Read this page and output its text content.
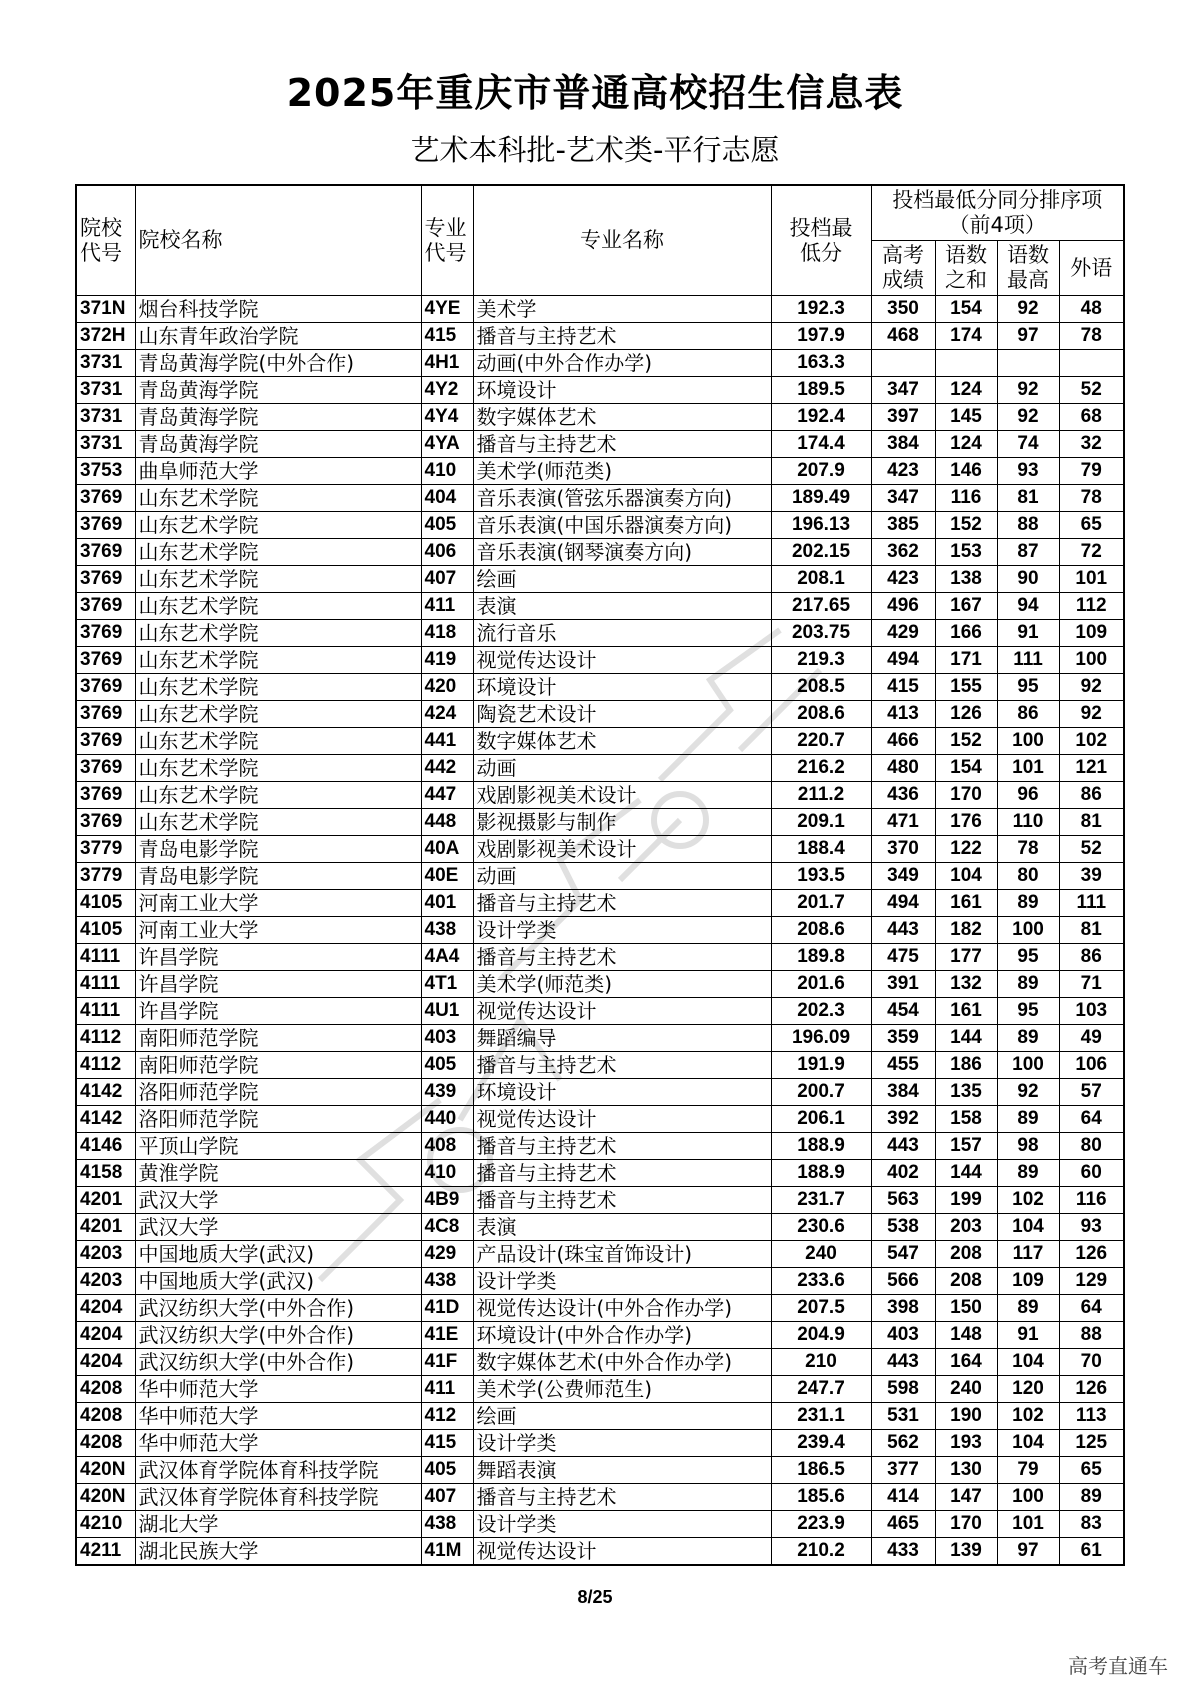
2025年重庆市普通高校招生信息表
艺术本科批-艺术类-平行志愿
院校代号	院校名称	专业代号	专业名称	投档最低分	投档最低分同分排序项（前4项）			
					高考成绩	语数之和	语数最高	外语
371N	烟台科技学院	4YE	美术学	192.3	350	154	92	48
372H	山东青年政治学院	415	播音与主持艺术	197.9	468	174	97	78
3731	青岛黄海学院(中外合作)	4H1	动画(中外合作办学)	163.3				
3731	青岛黄海学院	4Y2	环境设计	189.5	347	124	92	52
3731	青岛黄海学院	4Y4	数字媒体艺术	192.4	397	145	92	68
3731	青岛黄海学院	4YA	播音与主持艺术	174.4	384	124	74	32
3753	曲阜师范大学	410	美术学(师范类)	207.9	423	146	93	79
3769	山东艺术学院	404	音乐表演(管弦乐器演奏方向)	189.49	347	116	81	78
3769	山东艺术学院	405	音乐表演(中国乐器演奏方向)	196.13	385	152	88	65
3769	山东艺术学院	406	音乐表演(钢琴演奏方向)	202.15	362	153	87	72
3769	山东艺术学院	407	绘画	208.1	423	138	90	101
3769	山东艺术学院	411	表演	217.65	496	167	94	112
3769	山东艺术学院	418	流行音乐	203.75	429	166	91	109
3769	山东艺术学院	419	视觉传达设计	219.3	494	171	111	100
3769	山东艺术学院	420	环境设计	208.5	415	155	95	92
3769	山东艺术学院	424	陶瓷艺术设计	208.6	413	126	86	92
3769	山东艺术学院	441	数字媒体艺术	220.7	466	152	100	102
3769	山东艺术学院	442	动画	216.2	480	154	101	121
3769	山东艺术学院	447	戏剧影视美术设计	211.2	436	170	96	86
3769	山东艺术学院	448	影视摄影与制作	209.1	471	176	110	81
3779	青岛电影学院	40A	戏剧影视美术设计	188.4	370	122	78	52
3779	青岛电影学院	40E	动画	193.5	349	104	80	39
4105	河南工业大学	401	播音与主持艺术	201.7	494	161	89	111
4105	河南工业大学	438	设计学类	208.6	443	182	100	81
4111	许昌学院	4A4	播音与主持艺术	189.8	475	177	95	86
4111	许昌学院	4T1	美术学(师范类)	201.6	391	132	89	71
4111	许昌学院	4U1	视觉传达设计	202.3	454	161	95	103
4112	南阳师范学院	403	舞蹈编导	196.09	359	144	89	49
4112	南阳师范学院	405	播音与主持艺术	191.9	455	186	100	106
4142	洛阳师范学院	439	环境设计	200.7	384	135	92	57
4142	洛阳师范学院	440	视觉传达设计	206.1	392	158	89	64
4146	平顶山学院	408	播音与主持艺术	188.9	443	157	98	80
4158	黄淮学院	410	播音与主持艺术	188.9	402	144	89	60
4201	武汉大学	4B9	播音与主持艺术	231.7	563	199	102	116
4201	武汉大学	4C8	表演	230.6	538	203	104	93
4203	中国地质大学(武汉)	429	产品设计(珠宝首饰设计)	240	547	208	117	126
4203	中国地质大学(武汉)	438	设计学类	233.6	566	208	109	129
4204	武汉纺织大学(中外合作)	41D	视觉传达设计(中外合作办学)	207.5	398	150	89	64
4204	武汉纺织大学(中外合作)	41E	环境设计(中外合作办学)	204.9	403	148	91	88
4204	武汉纺织大学(中外合作)	41F	数字媒体艺术(中外合作办学)	210	443	164	104	70
4208	华中师范大学	411	美术学(公费师范生)	247.7	598	240	120	126
4208	华中师范大学	412	绘画	231.1	531	190	102	113
4208	华中师范大学	415	设计学类	239.4	562	193	104	125
420N	武汉体育学院体育科技学院	405	舞蹈表演	186.5	377	130	79	65
420N	武汉体育学院体育科技学院	407	播音与主持艺术	185.6	414	147	100	89
4210	湖北大学	438	设计学类	223.9	465	170	101	83
4211	湖北民族大学	41M	视觉传达设计	210.2	433	139	97	61
8/25
高考直通车
